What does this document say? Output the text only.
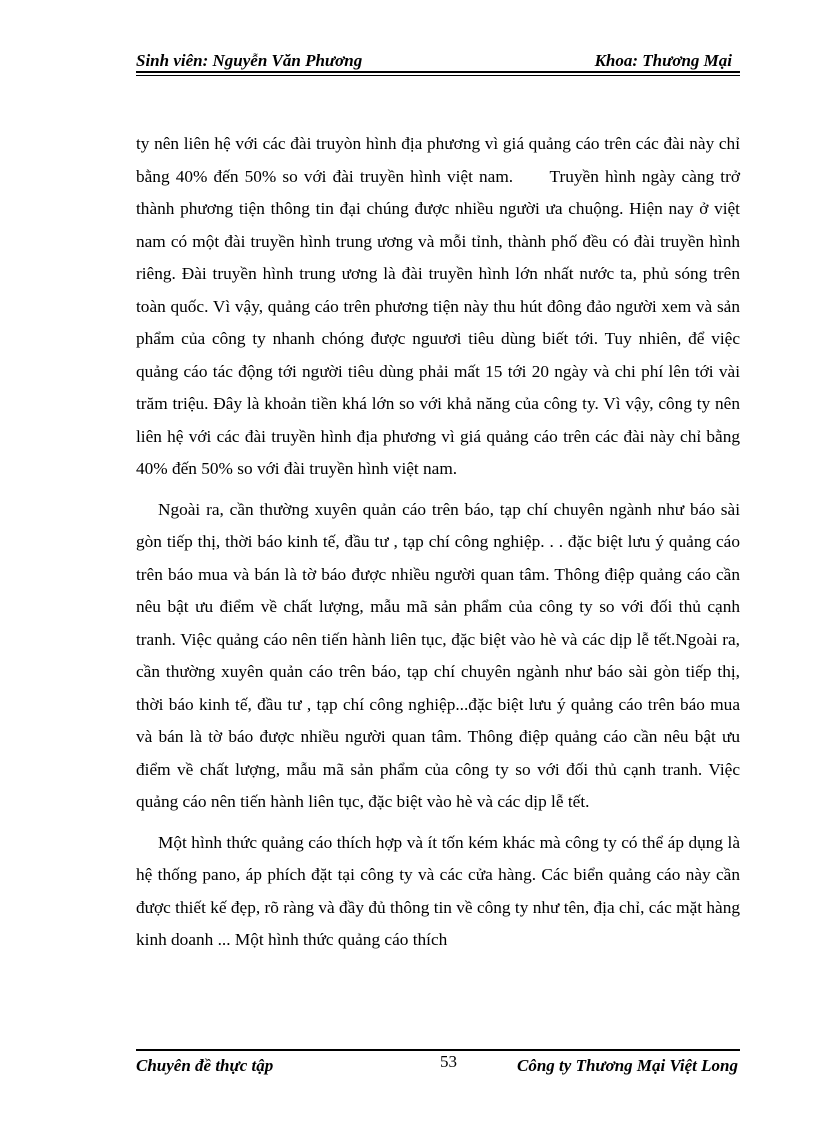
Sinh viên: Nguyễn Văn Phương	Khoa: Thương Mại

ty nên liên hệ với các đài truyòn hình địa phương vì giá quảng cáo trên các đài này chỉ bằng 40% đến 50% so với đài truyền hình việt nam.      Truyền hình ngày càng trở thành phương tiện thông tin đại chúng được nhiều người ưa chuộng. Hiện nay ở việt nam có một đài truyền hình trung ương và mỗi tỉnh, thành phố đều có đài truyền hình riêng. Đài truyền hình trung ương là đài truyền hình lớn nhất nước ta, phủ sóng trên toàn quốc. Vì vậy, quảng cáo trên phương tiện này thu hút đông đảo người xem và sản phẩm của công ty nhanh chóng được nguươi tiêu dùng biết tới. Tuy nhiên, để việc quảng cáo tác động tới người tiêu dùng phải mất 15 tới 20 ngày và chi phí lên tới vài trăm triệu. Đây là khoản tiền khá lớn so với khả năng của công ty. Vì vậy, công ty nên liên hệ với các đài truyền hình địa phương vì giá quảng cáo trên các đài này chỉ bằng 40% đến 50% so với đài truyền hình việt nam.

Ngoài ra, cần thường xuyên quản cáo trên báo, tạp chí chuyên ngành như báo sài gòn tiếp thị, thời báo kinh tế, đầu tư , tạp chí công nghiệp. . . đặc biệt lưu ý quảng cáo trên báo mua và bán là tờ báo được nhiều người quan tâm. Thông điệp quảng cáo cần nêu bật ưu điểm về chất lượng, mẫu mã sản phẩm của công ty so với đối thủ cạnh tranh. Việc quảng cáo nên tiến hành liên tục, đặc biệt vào hè và các dịp lễ tết.Ngoài ra, cần thường xuyên quản cáo trên báo, tạp chí chuyên ngành như báo sài gòn tiếp thị, thời báo kinh tế, đầu tư , tạp chí công nghiệp...đặc biệt lưu ý quảng cáo trên báo mua và bán là tờ báo được nhiều người quan tâm. Thông điệp quảng cáo cần nêu bật ưu điểm về chất lượng, mẫu mã sản phẩm của công ty so với đối thủ cạnh tranh. Việc quảng cáo nên tiến hành liên tục, đặc biệt vào hè và các dịp lễ tết.

Một hình thức quảng cáo thích hợp và ít tốn kém khác mà công ty có thể áp dụng là hệ thống pano, áp phích đặt tại công ty và các cửa hàng. Các biển quảng cáo này cần được thiết kế đẹp, rõ ràng và đầy đủ thông tin về công ty như tên, địa chỉ, các mặt hàng kinh doanh ... Một hình thức quảng cáo thích

Chuyên đề thực tập	53	Công ty Thương Mại Việt Long
